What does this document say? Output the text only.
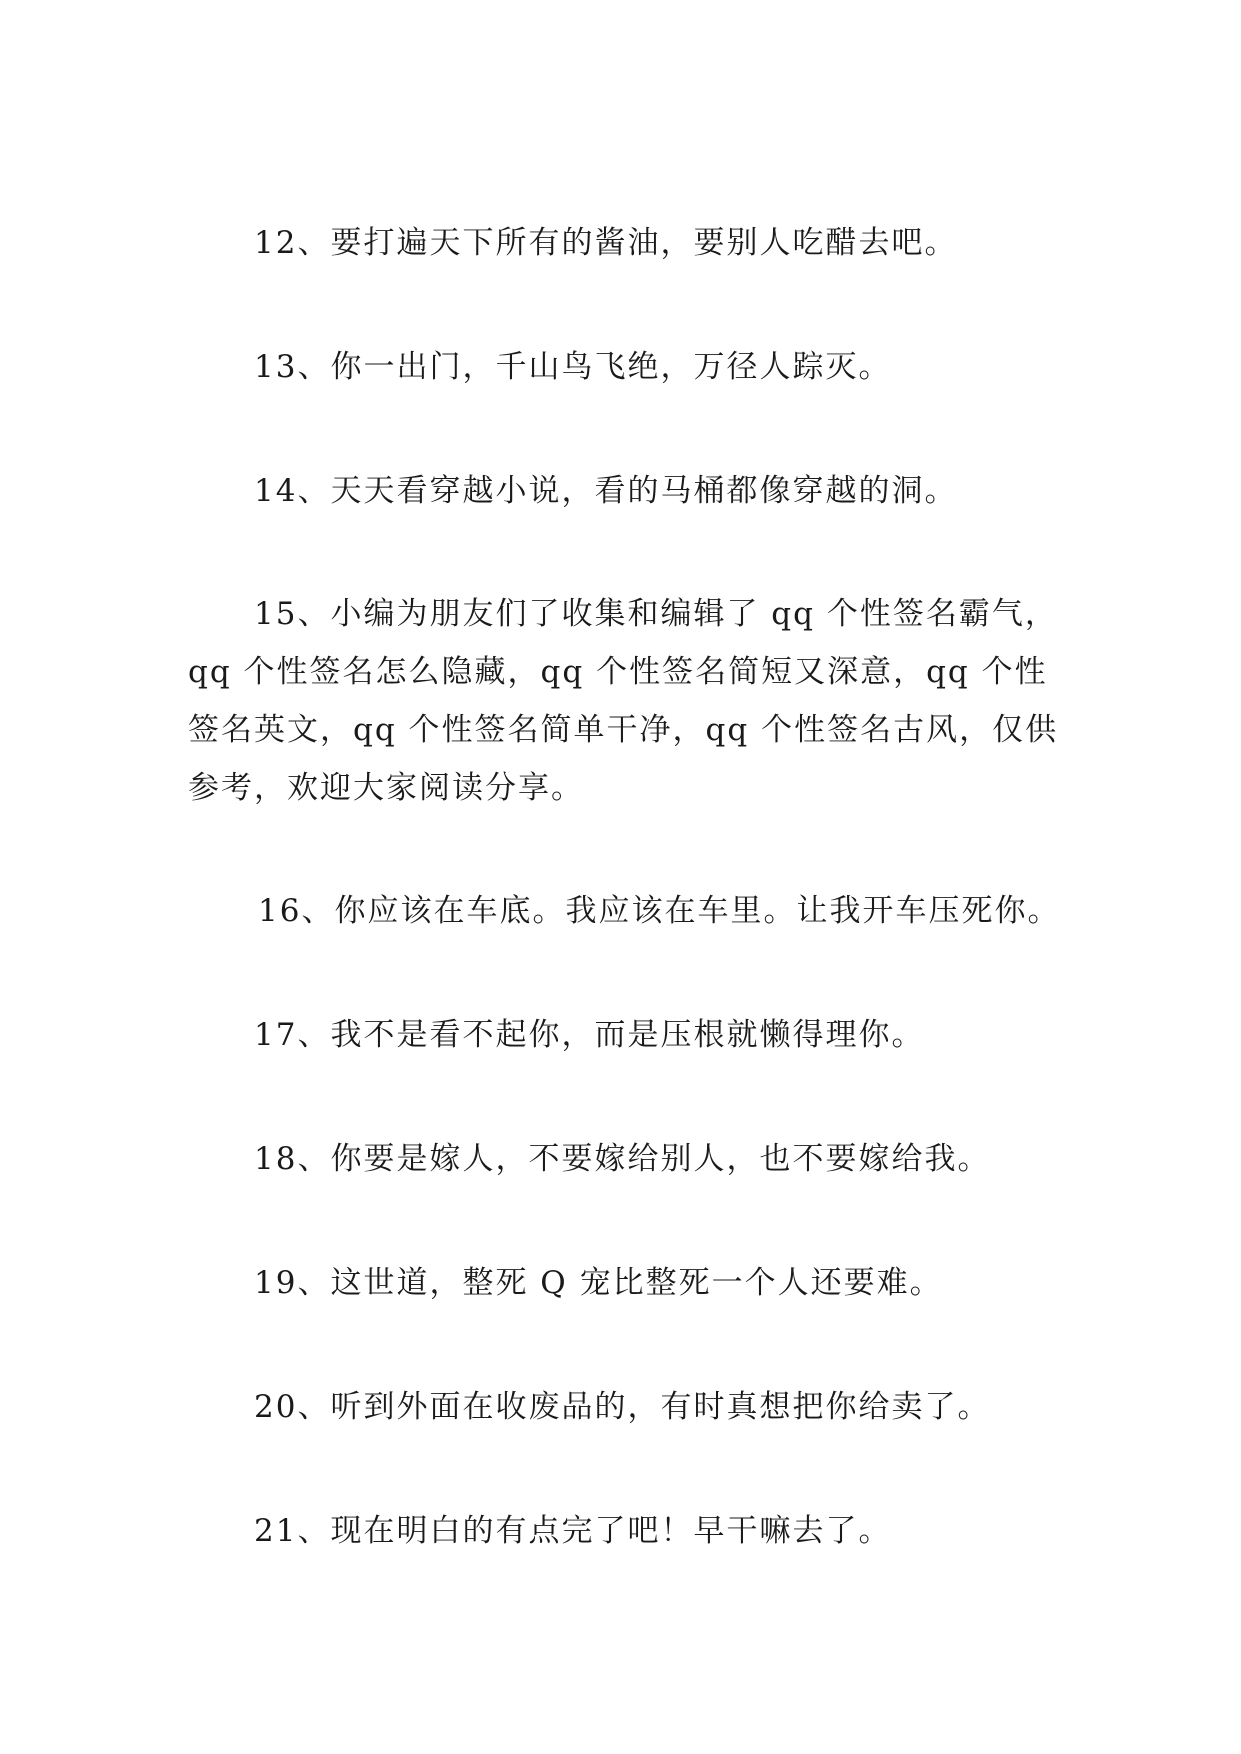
12、要打遍天下所有的酱油，要别人吃醋去吧。

13、你一出门，千山鸟飞绝，万径人踪灭。

14、天天看穿越小说，看的马桶都像穿越的洞。

15、小编为朋友们了收集和编辑了 qq 个性签名霸气，qq 个性签名怎么隐藏，qq 个性签名简短又深意，qq 个性签名英文，qq 个性签名简单干净，qq 个性签名古风，仅供参考，欢迎大家阅读分享。

16、你应该在车底。我应该在车里。让我开车压死你。

17、我不是看不起你，而是压根就懒得理你。

18、你要是嫁人，不要嫁给别人，也不要嫁给我。

19、这世道，整死 Q 宠比整死一个人还要难。

20、听到外面在收废品的，有时真想把你给卖了。

21、现在明白的有点完了吧！早干嘛去了。
